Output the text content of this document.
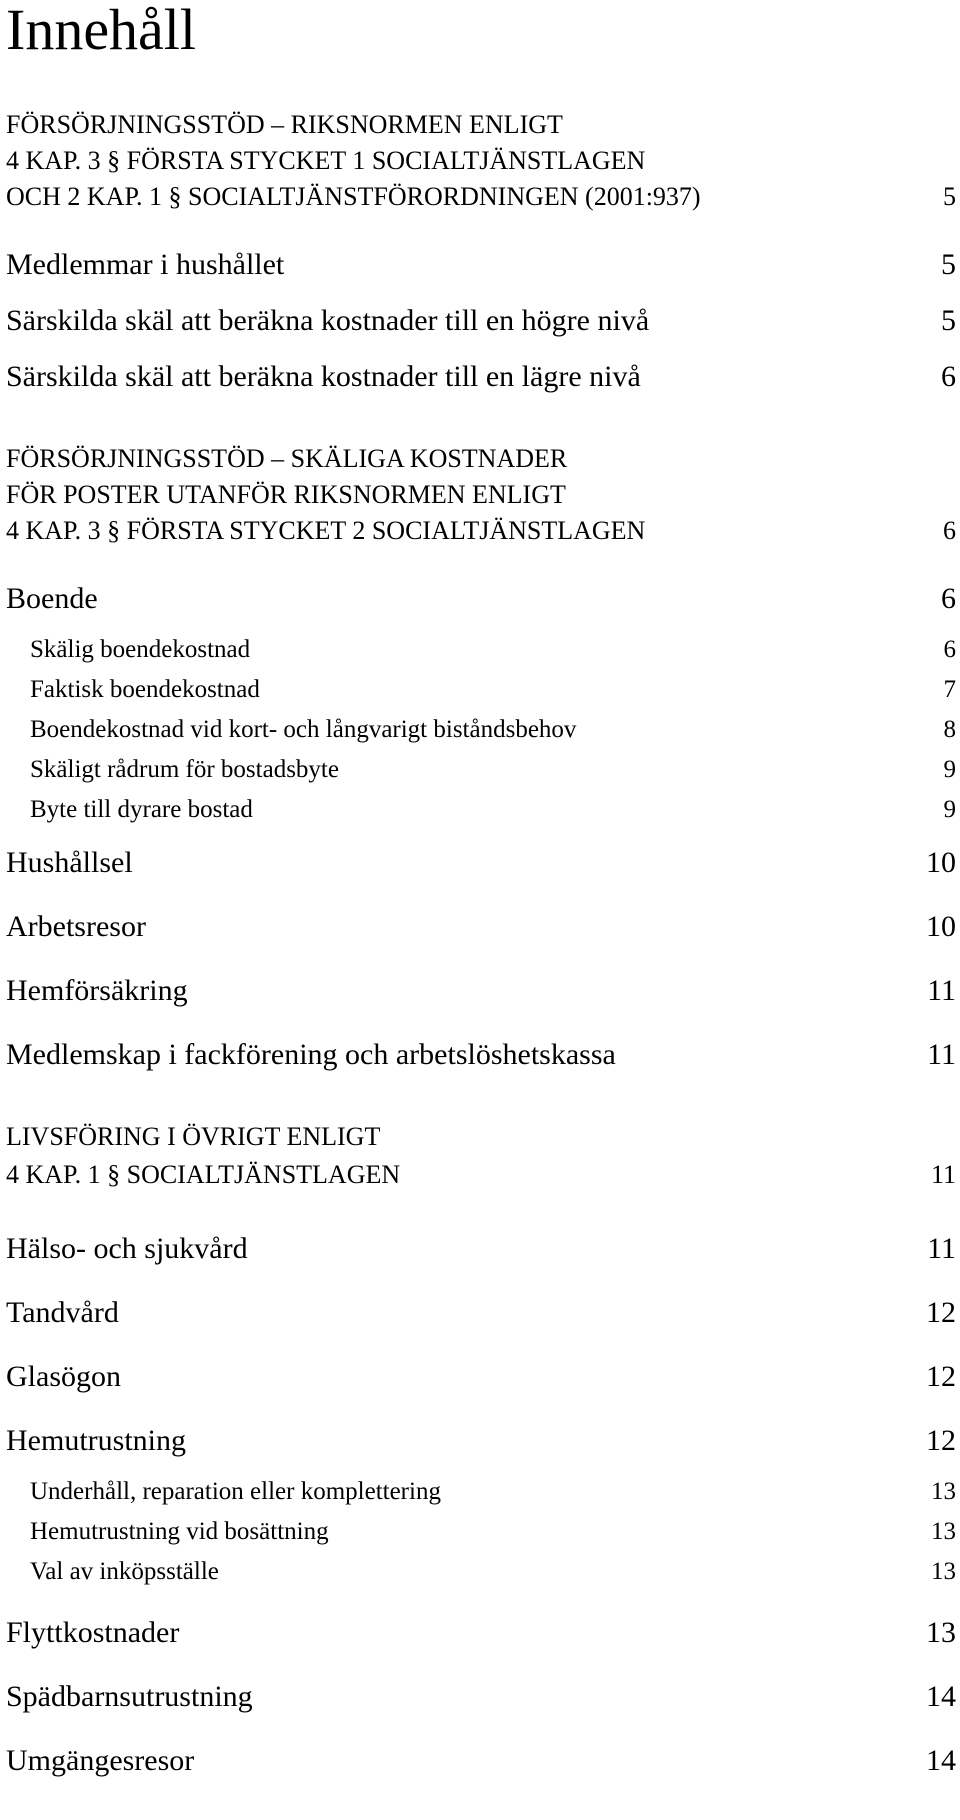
Innehåll
FÖRSÖRJNINGSSTÖD – RIKSNORMEN ENLIGT
4 KAP. 3 § FÖRSTA STYCKET 1 SOCIALTJÄNSTLAGEN
OCH 2 KAP. 1 § SOCIALTJÄNSTFÖRORDNINGEN (2001:937)	5
Medlemmar i hushållet	5
Särskilda skäl att beräkna kostnader till en högre nivå	5
Särskilda skäl att beräkna kostnader till en lägre nivå	6
FÖRSÖRJNINGSSTÖD – SKÄLIGA KOSTNADER
FÖR POSTER UTANFÖR RIKSNORMEN ENLIGT
4 KAP. 3 § FÖRSTA STYCKET 2 SOCIALTJÄNSTLAGEN	6
Boende	6
Skälig boendekostnad	6
Faktisk boendekostnad	7
Boendekostnad vid kort- och långvarigt biståndsbehov	8
Skäligt rådrum för bostadsbyte	9
Byte till dyrare bostad	9
Hushållsel	10
Arbetsresor	10
Hemförsäkring	11
Medlemskap i fackförening och arbetslöshetskassa	11
LIVSFÖRING I ÖVRIGT ENLIGT
4 KAP. 1 § SOCIALTJÄNSTLAGEN	11
Hälso- och sjukvård	11
Tandvård	12
Glasögon	12
Hemutrustning	12
Underhåll, reparation eller komplettering	13
Hemutrustning vid bosättning	13
Val av inköpsställe	13
Flyttkostnader	13
Spädbarnsutrustning	14
Umgängesresor	14
